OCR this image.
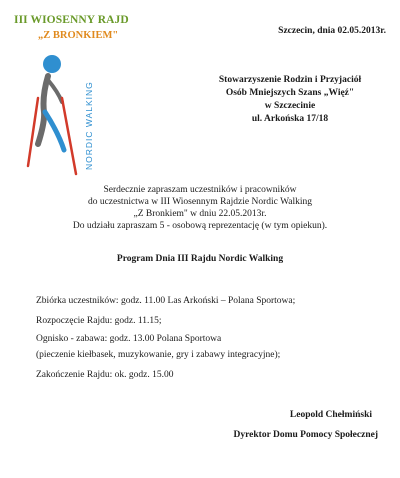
III WIOSENNY RAJD
„Z BRONKIEM"
NORDIC WALKING
Szczecin, dnia 02.05.2013r.
Stowarzyszenie Rodzin i Przyjaciół
Osób Mniejszych Szans „Więź"
w Szczecinie
ul. Arkońska 17/18
Serdecznie zapraszam uczestników i pracowników
do uczestnictwa w III Wiosennym Rajdzie Nordic Walking
„Z Bronkiem" w dniu 22.05.2013r.
Do udziału zapraszam 5 - osobową reprezentację (w tym opiekun).
Program Dnia III Rajdu Nordic Walking
Zbiórka uczestników: godz. 11.00 Las Arkoński – Polana Sportowa;
Rozpoczęcie Rajdu: godz. 11.15;
Ognisko - zabawa: godz. 13.00 Polana Sportowa
(pieczenie kiełbasek, muzykowanie, gry i zabawy integracyjne);
Zakończenie Rajdu: ok. godz. 15.00
Leopold Chełmiński
Dyrektor Domu Pomocy Społecznej
